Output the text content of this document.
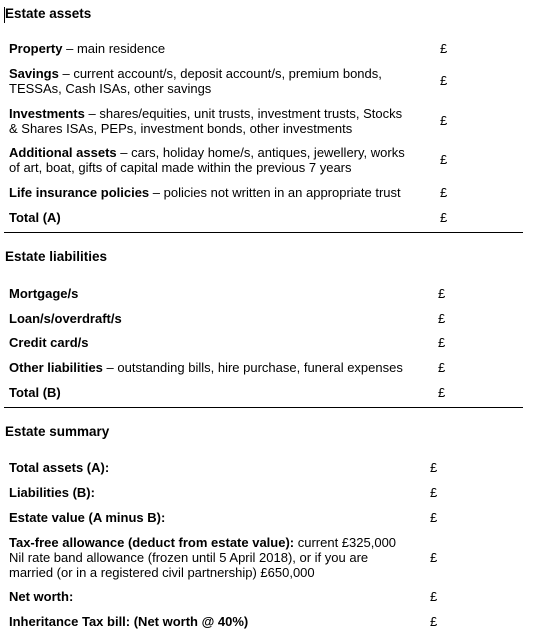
Estate assets
Property – main residence	£
Savings – current account/s, deposit account/s, premium bonds,
TESSAs, Cash ISAs, other savings
£
Investments – shares/equities, unit trusts, investment trusts, Stocks
& Shares ISAs, PEPs, investment bonds, other investments
£
Additional assets – cars, holiday home/s, antiques, jewellery, works
of art, boat, gifts of capital made within the previous 7 years
£
Life insurance policies – policies not written in an appropriate trust	£
Total (A)	£
Estate liabilities
Mortgage/s	£
Loan/s/overdraft/s	£
Credit card/s	£
Other liabilities – outstanding bills, hire purchase, funeral expenses	£
Total (B)	£
Estate summary
Total assets (A):	£
Liabilities (B):	£
Estate value (A minus B):	£
Tax-free allowance (deduct from estate value): current £325,000
Nil rate band allowance (frozen until 5 April 2018), or if you are
married (or in a registered civil partnership) £650,000
£
Net worth:	£
Inheritance Tax bill: (Net worth @ 40%)	£
